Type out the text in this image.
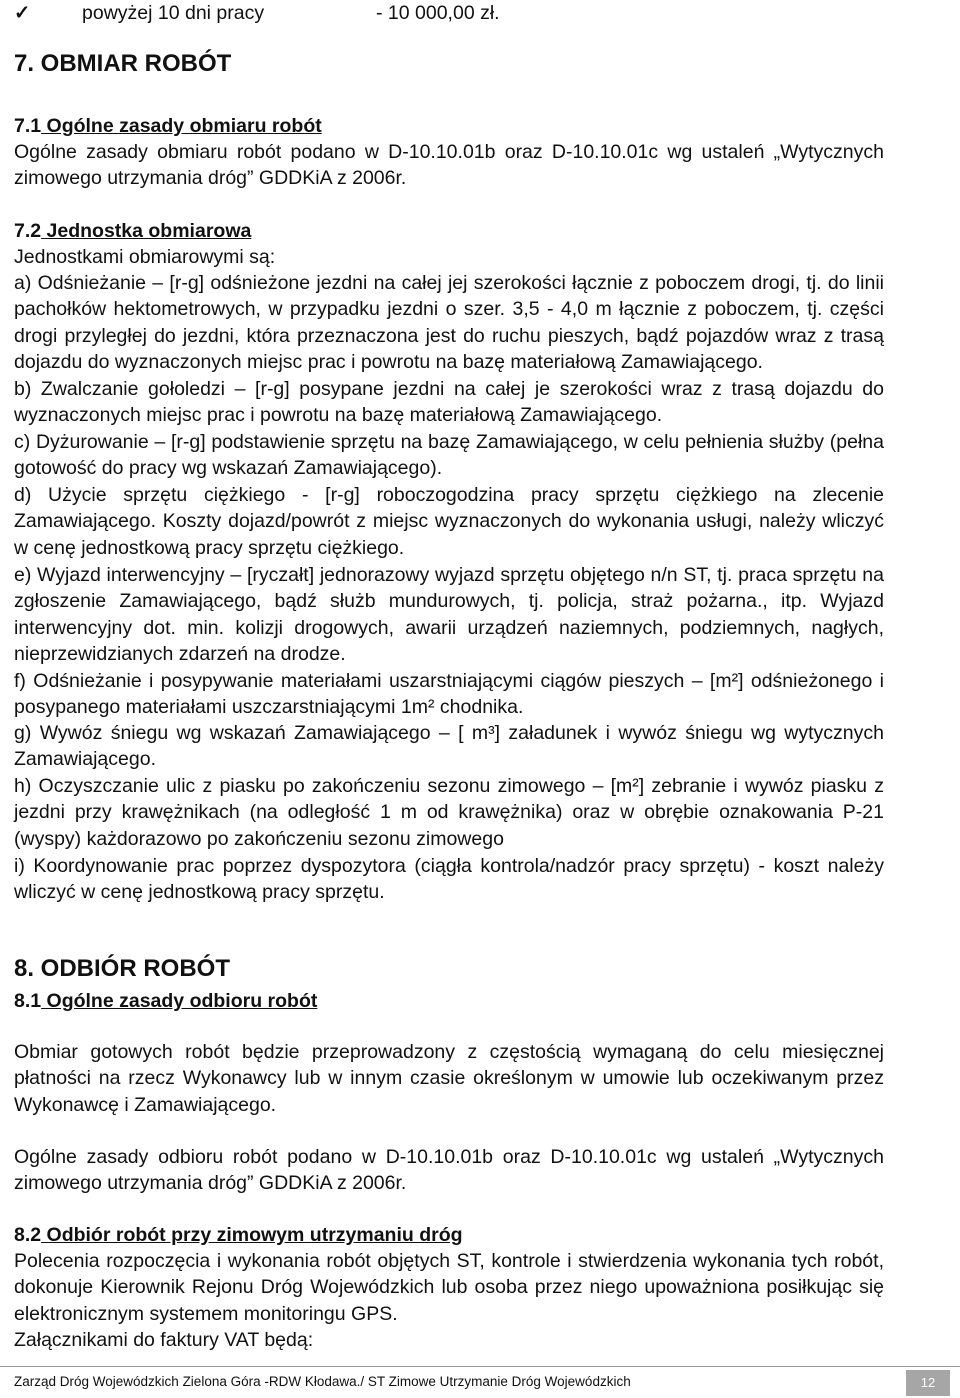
✓	powyżej 10 dni pracy	- 10 000,00 zł.
7. OBMIAR ROBÓT
7.1 Ogólne zasady obmiaru robót
Ogólne zasady obmiaru robót podano w D-10.10.01b oraz D-10.10.01c wg ustaleń „Wytycznych zimowego utrzymania dróg” GDDKiA z 2006r.
7.2 Jednostka obmiarowa
Jednostkami obmiarowymi są:
a) Odśnieżanie – [r-g] odśnieżone jezdni na całej jej szerokości łącznie z poboczem drogi, tj. do linii pachołków hektometrowych, w przypadku jezdni o szer. 3,5 - 4,0 m łącznie z poboczem, tj. części drogi przyległej do jezdni, która przeznaczona jest do ruchu pieszych, bądź pojazdów wraz z trasą dojazdu do wyznaczonych miejsc prac i powrotu na bazę materiałową Zamawiającego.
b) Zwalczanie gołoledzi – [r-g] posypane jezdni na całej je szerokości wraz z trasą dojazdu do wyznaczonych miejsc prac i powrotu na bazę materiałową Zamawiającego.
c) Dyżurowanie – [r-g] podstawienie sprzętu na bazę Zamawiającego, w celu pełnienia służby (pełna gotowość do pracy wg wskazań Zamawiającego).
d) Użycie sprzętu ciężkiego - [r-g] roboczogodzina pracy sprzętu ciężkiego na zlecenie Zamawiającego. Koszty dojazd/powrót z miejsc wyznaczonych do wykonania usługi, należy wliczyć w cenę jednostkową pracy sprzętu ciężkiego.
e) Wyjazd interwencyjny – [ryczałt] jednorazowy wyjazd sprzętu objętego n/n ST, tj. praca sprzętu na zgłoszenie Zamawiającego, bądź służb mundurowych, tj. policja, straż pożarna., itp. Wyjazd interwencyjny dot. min. kolizji drogowych, awarii urządzeń naziemnych, podziemnych, nagłych, nieprzewidzianych zdarzeń na drodze.
f) Odśnieżanie i posypywanie materiałami uszarstniającymi ciągów pieszych – [m²] odśnieżonego i posypanego materiałami uszczarstniającymi 1m² chodnika.
g) Wywóz śniegu wg wskazań Zamawiającego – [ m³] załadunek i wywóz śniegu wg wytycznych Zamawiającego.
h) Oczyszczanie ulic z piasku po zakończeniu sezonu zimowego – [m²] zebranie i wywóz piasku z jezdni przy krawężnikach (na odległość 1 m od krawężnika) oraz w obrębie oznakowania P-21 (wyspy) każdorazowo po zakończeniu sezonu zimowego
i) Koordynowanie prac poprzez dyspozytora (ciągła kontrola/nadzór pracy sprzętu) - koszt należy wliczyć w cenę jednostkową pracy sprzętu.
8. ODBIÓR ROBÓT
8.1 Ogólne zasady odbioru robót
Obmiar gotowych robót będzie przeprowadzony z częstością wymaganą do celu miesięcznej płatności na rzecz Wykonawcy lub w innym czasie określonym w umowie lub oczekiwanym przez Wykonawcę i Zamawiającego.
Ogólne zasady odbioru robót podano w D-10.10.01b oraz D-10.10.01c wg ustaleń „Wytycznych zimowego utrzymania dróg” GDDKiA z 2006r.
8.2 Odbiór robót przy zimowym utrzymaniu dróg
Polecenia rozpoczęcia i wykonania robót objętych ST, kontrole i stwierdzenia wykonania tych robót, dokonuje Kierownik Rejonu Dróg Wojewódzkich lub osoba przez niego upoważniona posiłkując się elektronicznym systemem monitoringu GPS.
Załącznikami do faktury VAT będą:
Zarząd Dróg Wojewódzkich Zielona Góra -RDW Kłodawa./ ST Zimowe Utrzymanie Dróg Wojewódzkich	12
